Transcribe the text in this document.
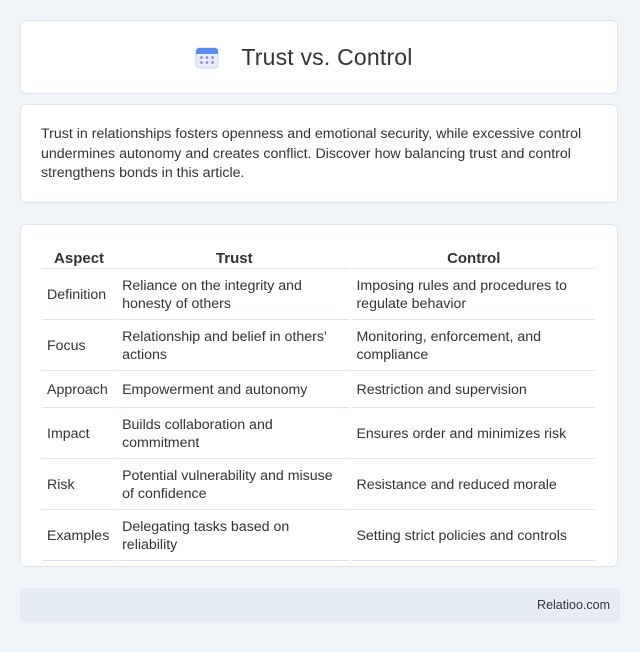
Trust vs. Control

Trust in relationships fosters openness and emotional security, while excessive control undermines autonomy and creates conflict. Discover how balancing trust and control strengthens bonds in this article.

Aspect	Trust	Control
Definition	Reliance on the integrity and honesty of others	Imposing rules and procedures to regulate behavior
Focus	Relationship and belief in others' actions	Monitoring, enforcement, and compliance
Approach	Empowerment and autonomy	Restriction and supervision
Impact	Builds collaboration and commitment	Ensures order and minimizes risk
Risk	Potential vulnerability and misuse of confidence	Resistance and reduced morale
Examples	Delegating tasks based on reliability	Setting strict policies and controls
Relatioo.com
